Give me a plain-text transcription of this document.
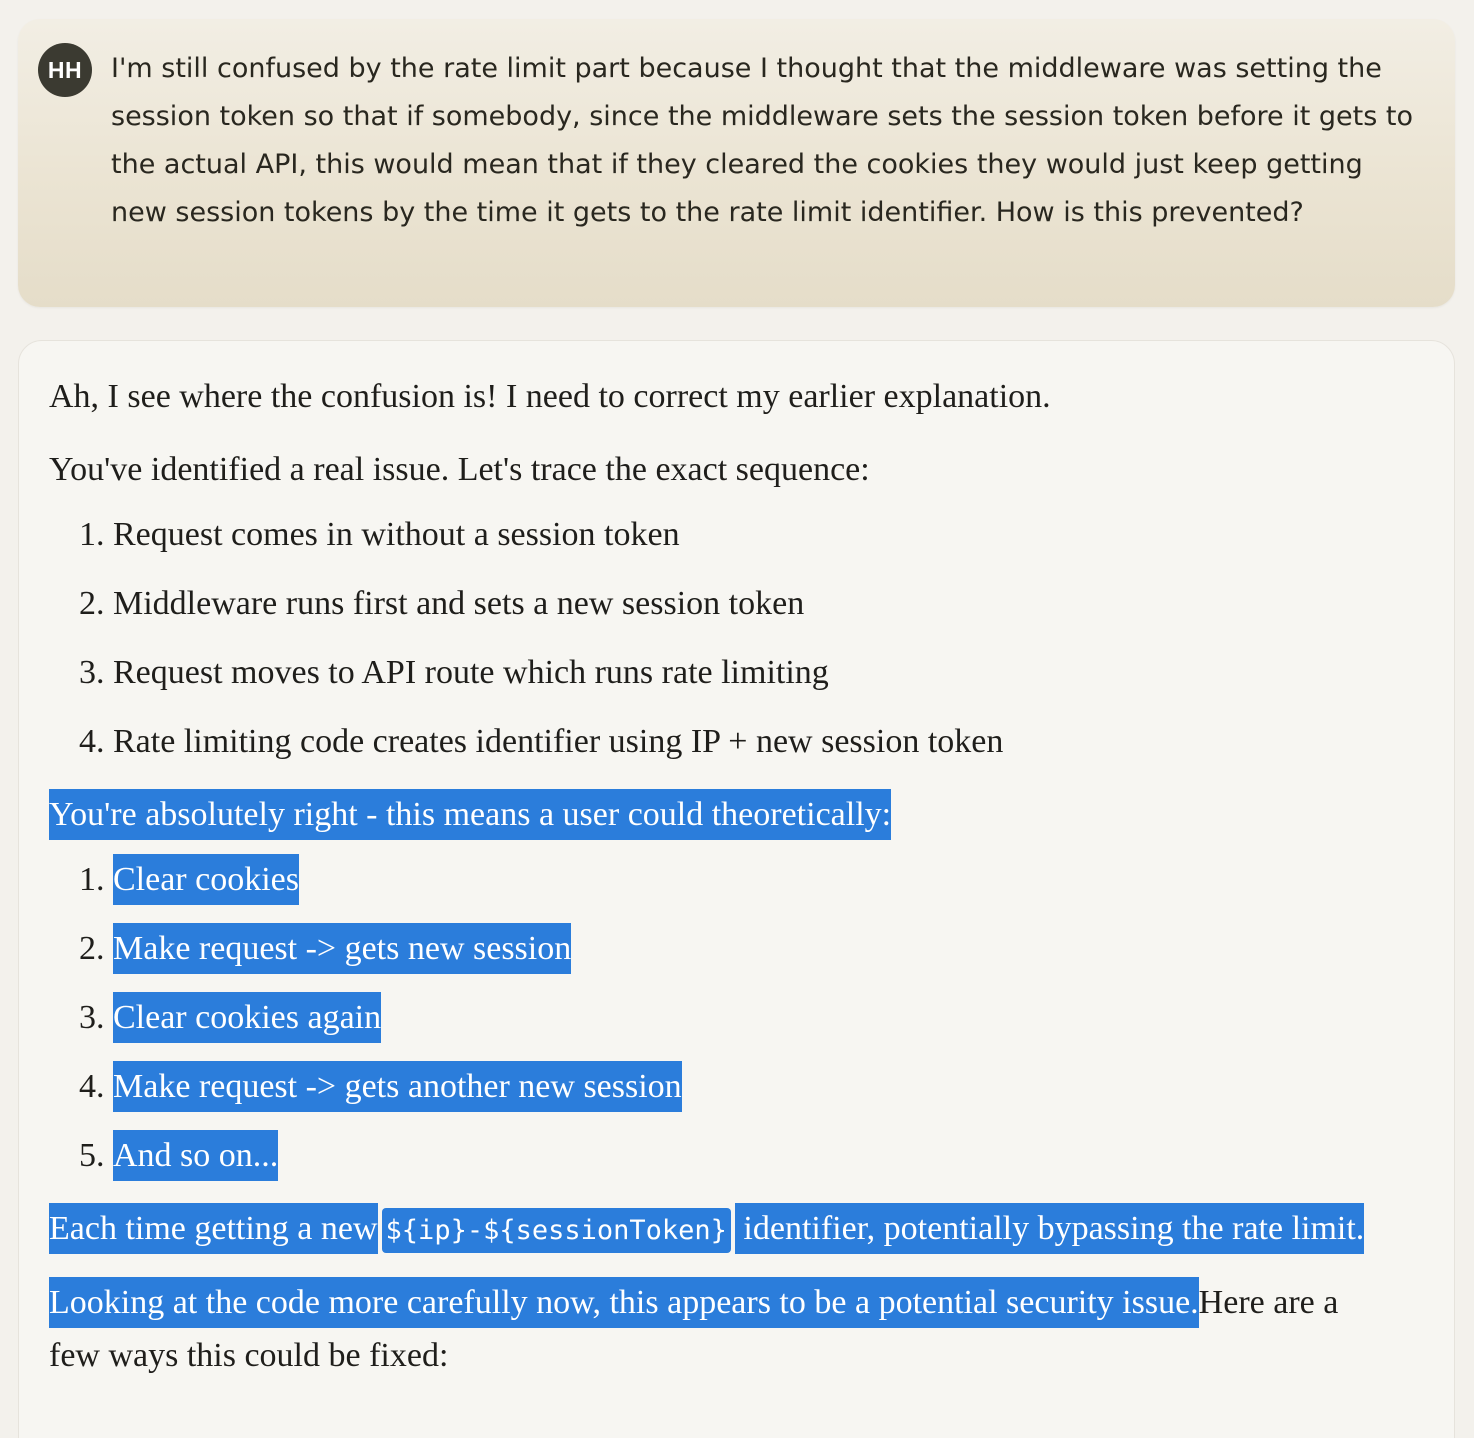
HH	I'm still confused by the rate limit part because I thought that the middleware was setting the session token so that if somebody, since the middleware sets the session token before it gets to the actual API, this would mean that if they cleared the cookies they would just keep getting new session tokens by the time it gets to the rate limit identifier. How is this prevented?

Ah, I see where the confusion is! I need to correct my earlier explanation.

You've identified a real issue. Let's trace the exact sequence:

1. Request comes in without a session token
2. Middleware runs first and sets a new session token
3. Request moves to API route which runs rate limiting
4. Rate limiting code creates identifier using IP + new session token

You're absolutely right - this means a user could theoretically:

1. Clear cookies
2. Make request -> gets new session
3. Clear cookies again
4. Make request -> gets another new session
5. And so on...

Each time getting a new ${ip}-${sessionToken} identifier, potentially bypassing the rate limit.

Looking at the code more carefully now, this appears to be a potential security issue.Here are a few ways this could be fixed:
